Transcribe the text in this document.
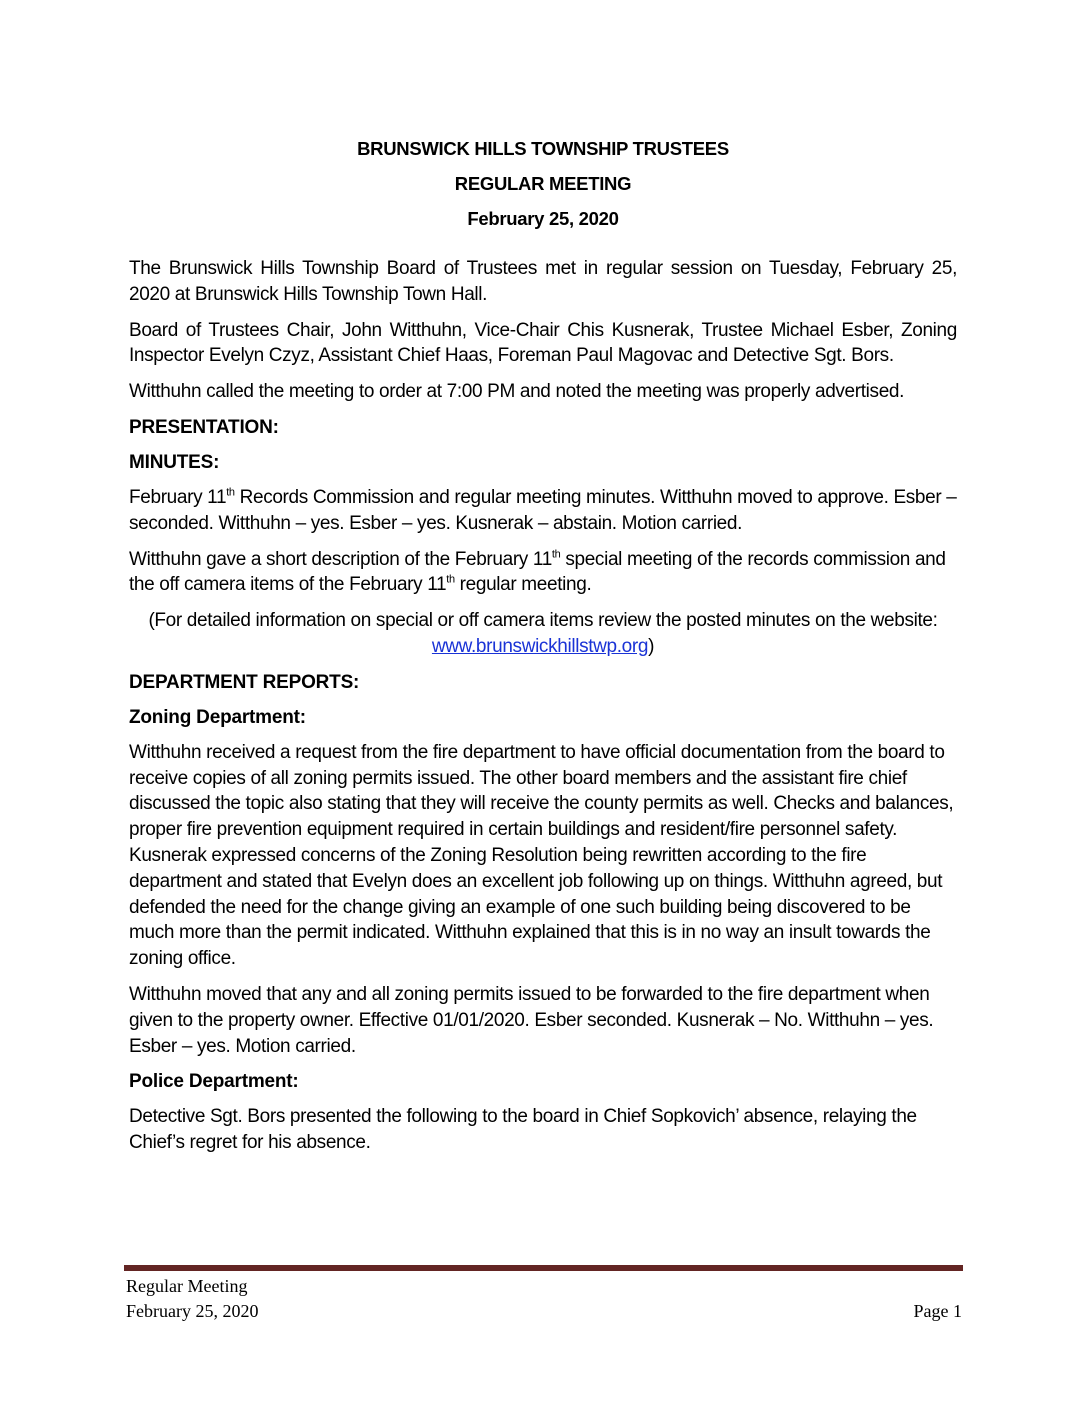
BRUNSWICK HILLS TOWNSHIP TRUSTEES
REGULAR MEETING
February 25, 2020

The Brunswick Hills Township Board of Trustees met in regular session on Tuesday, February 25, 2020 at Brunswick Hills Township Town Hall.

Board of Trustees Chair, John Witthuhn, Vice-Chair Chis Kusnerak, Trustee Michael Esber, Zoning Inspector Evelyn Czyz, Assistant Chief Haas, Foreman Paul Magovac and Detective Sgt. Bors.

Witthuhn called the meeting to order at 7:00 PM and noted the meeting was properly advertised.

PRESENTATION:
MINUTES:

February 11th Records Commission and regular meeting minutes. Witthuhn moved to approve. Esber – seconded. Witthuhn – yes. Esber – yes. Kusnerak – abstain. Motion carried.

Witthuhn gave a short description of the February 11th special meeting of the records commission and the off camera items of the February 11th regular meeting.

(For detailed information on special or off camera items review the posted minutes on the website: www.brunswickhillstwp.org)

DEPARTMENT REPORTS:
Zoning Department:

Witthuhn received a request from the fire department to have official documentation from the board to receive copies of all zoning permits issued. The other board members and the assistant fire chief discussed the topic also stating that they will receive the county permits as well. Checks and balances, proper fire prevention equipment required in certain buildings and resident/fire personnel safety. Kusnerak expressed concerns of the Zoning Resolution being rewritten according to the fire department and stated that Evelyn does an excellent job following up on things. Witthuhn agreed, but defended the need for the change giving an example of one such building being discovered to be much more than the permit indicated. Witthuhn explained that this is in no way an insult towards the zoning office.

Witthuhn moved that any and all zoning permits issued to be forwarded to the fire department when given to the property owner. Effective 01/01/2020. Esber seconded. Kusnerak – No. Witthuhn – yes. Esber – yes. Motion carried.

Police Department:

Detective Sgt. Bors presented the following to the board in Chief Sopkovich’ absence, relaying the Chief’s regret for his absence.

Regular Meeting
February 25, 2020	Page 1
